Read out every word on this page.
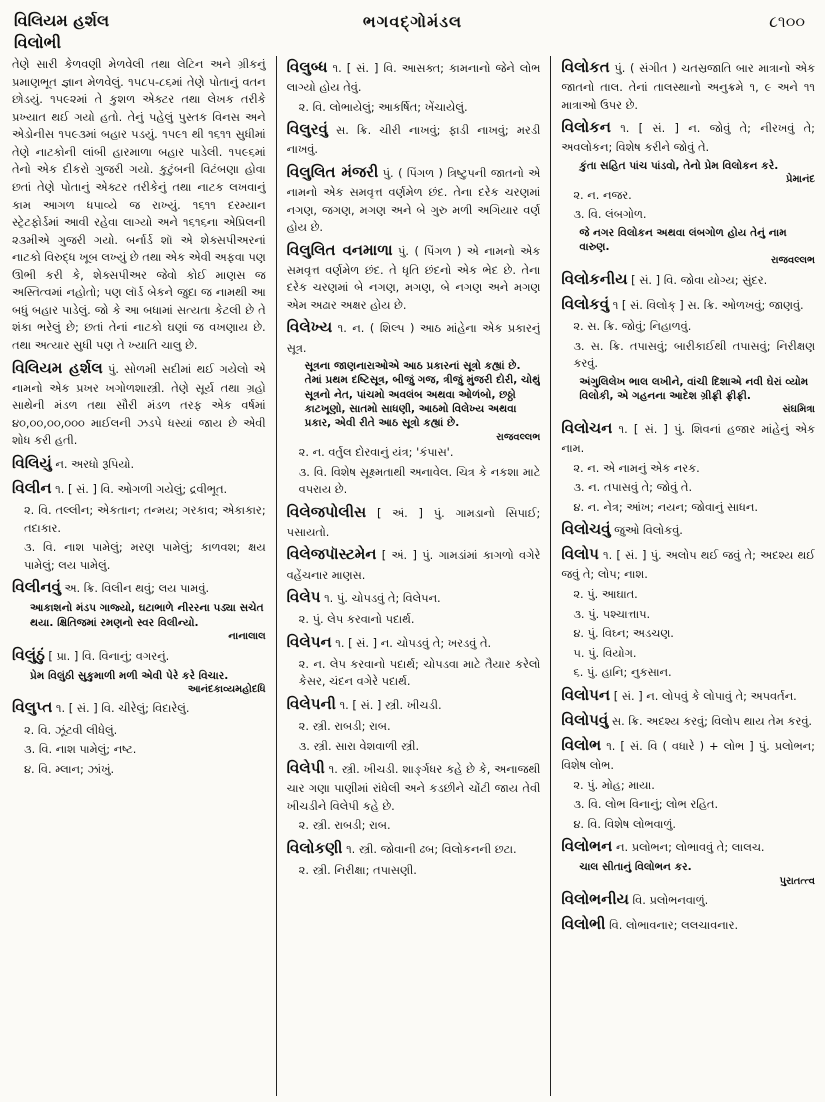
વિલિયમ હર્શલ
વિલોભી
ભગવદ્ગોમંડલ	૮૧૦૦
તેણે સારી કેળવણી મેળવેલી તથા લેટિન અને ગ્રીકનું પ્રમાણભૂત જ્ઞાન મેળવેલું. ૧૫૮૫-૮૬માં તેણે પોતાનું વતન છોડયું. ૧૫૯૨માં તે કુશળ એક્ટર તથા લેખક તરીકે પ્રખ્યાત થઈ ગયો હતો. તેનું પહેલું પુસ્તક વિનસ અને એડોનીસ ૧૫૯૩માં બહાર પડયું. ૧૫૯૧ થી ૧૬૧૧ સુધીમાં તેણે નાટકોની લાંબી હારમાળા બહાર પાડેલી. ૧૫૯૬માં તેનો એક દીકરો ગુજરી ગયો. કુટુંબની વિટંબણા હોવા છતાં તેણે પોતાનું એક્ટર તરીકેનું તથા નાટક લખવાનું કામ આગળ ધપાવ્યે જ રાખ્યું. ૧૬૧૧ દરમ્યાન સ્ટ્રેટફોર્ડમાં આવી રહેવા લાગ્યો અને ૧૬૧૬ના એપ્રિલની ૨૩મીએ ગુજરી ગયો. બર્નાર્ડ શૉ એ શેક્સપીઅરનાં નાટકો વિરુદ્ધ ખૂબ લખ્યું છે તથા એક એવી અફવા પણ ઊભી કરી કે, શેક્સપીઅર જેવો કોઈ માણસ જ અસ્તિત્વમાં નહોતો; પણ લૉર્ડ બેકને જુદા જ નામથી આ બધું બહાર પાડેલું. જો કે આ બધામાં સત્યતા કેટલી છે તે શંકા ભરેલું છે; છતાં તેનાં નાટકો ઘણાં જ વખણાય છે. તથા અત્યાર સુધી પણ તે ખ્યાતિ ચાલુ છે.
વિલિયમ હર્શલ પું. સોળમી સદીમાં થઈ ગયેલો એ નામનો એક પ્રખર ખગોળશાસ્ત્રી. તેણે સૂર્ય તથા ગ્રહો સાથેની મંડળ તથા સૌરી મંડળ તરફ એક વર્ષમાં ૪૦,૦૦,૦૦,૦૦૦ માઈલની ઝડપે ધસ્યાં જાય છે એવી શોધ કરી હતી.
વિલિયું ન. અરધો રૂપિયો.
વિલીન ૧. [ સં. ] વિ. ઓગળી ગયેલું; દ્રવીભૂત.
૨. વિ. તલ્લીન; એકતાન; તન્મય; ગરકાવ; એકાકાર; તદાકાર.
૩. વિ. નાશ પામેલું; મરણ પામેલું; કાળવશ; ક્ષય પામેલું; લય પામેલું.
વિલીનવું અ. ક્રિ. વિલીન થવું; લય પામવું.
આકાશનો મંડપ ગાજ્યો, ઘટાભાળે નીરરના પડ્યા સચેત થયા. ક્ષિતિજમાં રમણનો સ્વર વિલીન્યો.
નાનાલાલ
વિલુંઠું [ પ્રા. ] વિ. વિનાનું; વગરનું.
પ્રેમ વિલુંઠી સુકુમાળી મળી એવી પેરે કરે વિચાર.
આનંદકાવ્યમહોદધિ
વિલુપ્ત ૧. [ સં. ] વિ. ચીરેલું; વિદારેલું.
૨. વિ. ઝૂંટવી લીધેલું.
૩. વિ. નાશ પામેલું; નષ્ટ.
૪. વિ. મ્લાન; ઝાંખું.
વિલુબ્ધ ૧. [ સં. ] વિ. આસક્ત; કામનાનો જેને લોભ લાગ્યો હોય તેવું.
૨. વિ. લોભાયેલું; આકર્ષિત; ખેંચાયેલું.
વિલુરવું સ. ક્રિ. ચીરી નાખવું; ફાડી નાખવું; મરડી નાખવું.
વિલુલિત મંજરી પું. ( પિંગળ ) ત્રિષ્ટુપની જાતનો એ નામનો એક સમવૃત્ત વર્ણમેળ છંદ. તેના દરેક ચરણમાં નગણ, જગણ, મગણ અને બે ગુરુ મળી અગિયાર વર્ણ હોય છે.
વિલુલિત વનમાળા પું. ( પિંગળ ) એ નામનો એક સમવૃત્ત વર્ણમેળ છંદ. તે ધૃતિ છંદનો એક ભેદ છે. તેના દરેક ચરણમાં બે નગણ, મગણ, બે નગણ અને મગણ એમ અઢાર અક્ષર હોય છે.
વિલેખ્ય ૧. ન. ( શિલ્પ ) આઠ માંહેના એક પ્રકારનું સૂત્ર.
સૂત્રના જાણનારાઓએ આઠ પ્રકારનાં સૂત્રો કહ્યાં છે. તેમાં પ્રથમ દષ્ટિસૂત્ર, બીજું ગજ, ત્રીજું મુંજરી દોરી, ચોથું સૂત્રનો નેત, પાંચમો અવલંબ અથવા ઓળંબો, છઠ્ઠો કાટખૂણો, સાતમો સાધણી, આઠમો વિલેખ્ય અથવા પ્રકાર, એવી રીતે આઠ સૂત્રો કહ્યાં છે.
રાજવલ્લભ
૨. ન. વર્તુલ દોરવાનું યંત્ર; 'કંપાસ'.
૩. વિ. વિશેષ સૂક્ષ્મતાથી અનાવેલ. ચિત્ર કે નકશા માટે વપરાય છે.
વિલેજપોલીસ [ અં. ] પું. ગામડાનો સિપાઈ; પસાયતો.
વિલેજપૉસ્ટમેન [ અં. ] પું. ગામડાંમાં કાગળો વગેરે વહેંચનાર માણસ.
વિલેપ ૧. પું. ચોપડવું તે; વિલેપન.
૨. પું. લેપ કરવાનો પદાર્થ.
વિલેપન ૧. [ સં. ] ન. ચોપડવું તે; ખરડવું તે.
૨. ન. લેપ કરવાનો પદાર્થ; ચોપડવા માટે તૈયાર કરેલો કેસર, ચંદન વગેરે પદાર્થ.
વિલેપની ૧. [ સં. ] સ્ત્રી. ખીચડી.
૨. સ્ત્રી. રાબડી; રાબ.
૩. સ્ત્રી. સારા વેશવાળી સ્ત્રી.
વિલેપી ૧. સ્ત્રી. ખીચડી. શાર્ઙ્ગધર કહે છે કે, અનાજથી ચાર ગણા પાણીમાં રાંધેલી અને કડછીને ચોંટી જાય તેવી ખીચડીને વિલેપી કહે છે.
૨. સ્ત્રી. રાબડી; રાબ.
વિલોકણી ૧. સ્ત્રી. જોવાની ઢબ; વિલોકનની છટા.
૨. સ્ત્રી. નિરીક્ષા; તપાસણી.
વિલોકત પું. ( સંગીત ) ચતસ્રજાતિ બાર માત્રાનો એક જાતનો તાલ. તેનાં તાલસ્થાનો અનુક્રમે ૧, ૯ અને ૧૧ માત્રાઓ ઉપર છે.
વિલોકન ૧. [ સં. ] ન. જોવું તે; નીરખવું તે; અવલોકન; વિશેષ કરીને જોવું તે.
કુંતા સહિત પાંચ પાંડવો, તેનો પ્રેમ વિલોકન કરે.
પ્રેમાનંદ
૨. ન. નજર.
૩. વિ. લંબગોળ.
જે નગર વિલોકન અથવા લંબગોળ હોય તેનું નામ વારુણ.
રાજવલ્લભ
વિલોકનીય [ સં. ] વિ. જોવા યોગ્ય; સુંદર.
વિલોકવું ૧ [ સં. વિલોક્ ] સ. ક્રિ. ઓળખવું; જાણવું.
૨. સ. ક્રિ. જોવું; નિહાળવું.
૩. સ. ક્રિ. તપાસવું; બારીકાઈથી તપાસવું; નિરીક્ષણ કરવું.
અંગુલિલેખ ભાલ લખીને, વાંચી દિશાએ નવી ઘેરાં વ્યોમ વિલોકી, એ ગહનના આદેશ ગ્રીફ્રી ફ્રીફ્રી.
સંઘમિત્રા
વિલોચન ૧. [ સં. ] પું. શિવનાં હજાર માંહેનું એક નામ.
૨. ન. એ નામનું એક નરક.
૩. ન. તપાસવું તે; જોવું તે.
૪. ન. નેત્ર; આંખ; નયન; જોવાનું સાધન.
વિલોચવું જુઓ વિલોકવું.
વિલોપ ૧. [ સં. ] પું. અલોપ થઈ જવું તે; અદશ્ય થઈ જવું તે; લોપ; નાશ.
૨. પું. આઘાત.
૩. પું. પશ્ચાત્તાપ.
૪. પું. વિઘ્ન; અડચણ.
૫. પું. વિયોગ.
૬. પું. હાનિ; નુકસાન.
વિલોપન [ સં. ] ન. લોપવું કે લોપાવું તે; અપવર્તન.
વિલોપવું સ. ક્રિ. અદશ્ય કરવું; વિલોપ થાય તેમ કરવું.
વિલોભ ૧. [ સં. વિ ( વધારે ) + લોભ ] પું. પ્રલોભન; વિશેષ લોભ.
૨. પું. મોહ; માયા.
૩. વિ. લોભ વિનાનું; લોભ રહિત.
૪. વિ. વિશેષ લોભવાળું.
વિલોભન ન. પ્રલોભન; લોભાવવું તે; લાલચ.
ચાલ સીતાનું વિલોભન કર.
પુરાતત્ત્વ
વિલોભનીય વિ. પ્રલોભનવાળું.
વિલોભી વિ. લોભાવનાર; લલચાવનાર.
